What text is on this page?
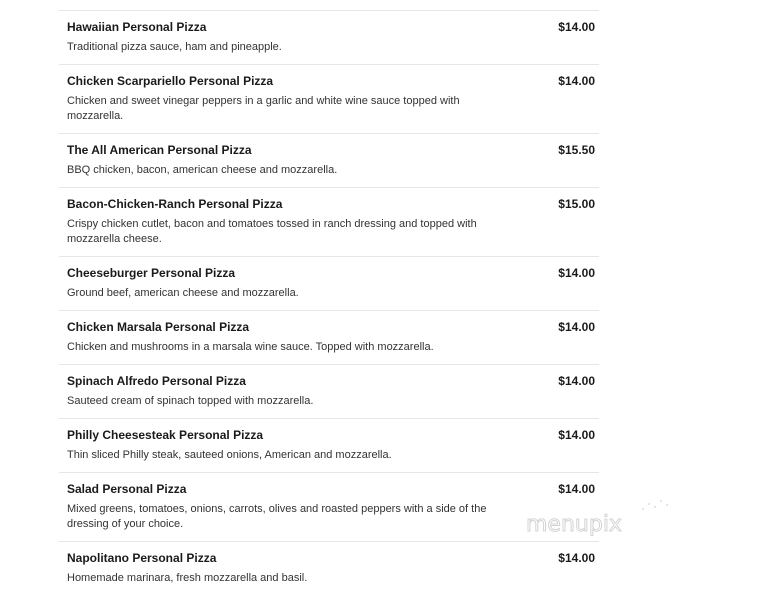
Hawaiian Personal Pizza	$14.00
Traditional pizza sauce, ham and pineapple.
Chicken Scarpariello Personal Pizza	$14.00
Chicken and sweet vinegar peppers in a garlic and white wine sauce topped with mozzarella.
The All American Personal Pizza	$15.50
BBQ chicken, bacon, american cheese and mozzarella.
Bacon-Chicken-Ranch Personal Pizza	$15.00
Crispy chicken cutlet, bacon and tomatoes tossed in ranch dressing and topped with mozzarella cheese.
Cheeseburger Personal Pizza	$14.00
Ground beef, american cheese and mozzarella.
Chicken Marsala Personal Pizza	$14.00
Chicken and mushrooms in a marsala wine sauce. Topped with mozzarella.
Spinach Alfredo Personal Pizza	$14.00
Sauteed cream of spinach topped with mozzarella.
Philly Cheesesteak Personal Pizza	$14.00
Thin sliced Philly steak, sauteed onions, American and mozzarella.
Salad Personal Pizza	$14.00
Mixed greens, tomatoes, onions, carrots, olives and roasted peppers with a side of the dressing of your choice.
Napolitano Personal Pizza	$14.00
Homemade marinara, fresh mozzarella and basil.
menupix
